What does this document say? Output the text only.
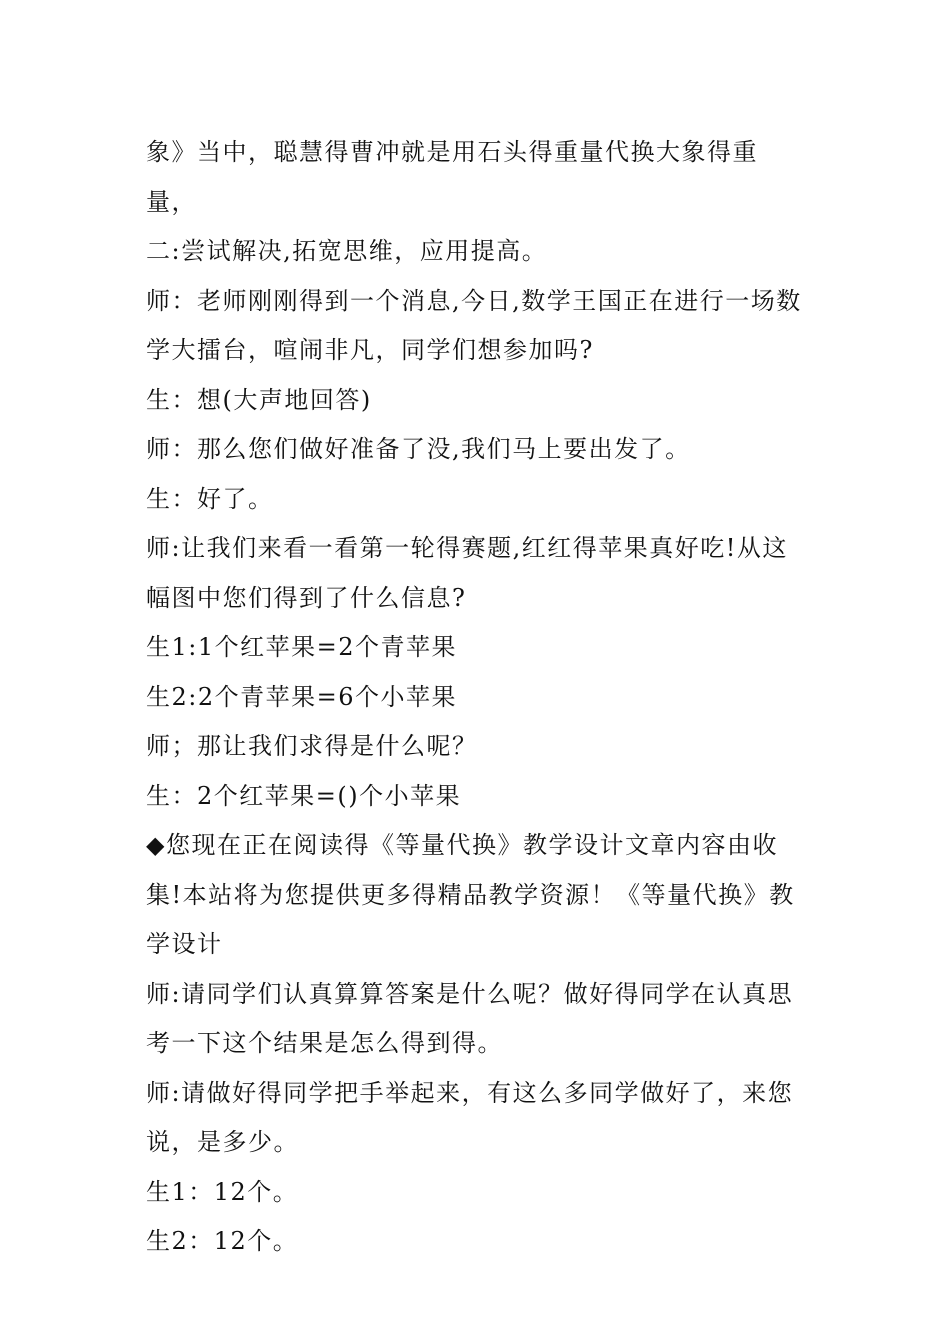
象》当中，聪慧得曹冲就是用石头得重量代换大象得重量，

二:尝试解决,拓宽思维，应用提高。

师：老师刚刚得到一个消息,今日,数学王国正在进行一场数学大擂台，喧闹非凡，同学们想参加吗?

生：想(大声地回答)

师：那么您们做好准备了没,我们马上要出发了。

生：好了。

师:让我们来看一看第一轮得赛题,红红得苹果真好吃!从这幅图中您们得到了什么信息?

生1:1个红苹果=2个青苹果

生2:2个青苹果=6个小苹果

师；那让我们求得是什么呢？

生：2个红苹果=()个小苹果

◆您现在正在阅读得《等量代换》教学设计文章内容由收集!本站将为您提供更多得精品教学资源！《等量代换》教学设计

师:请同学们认真算算答案是什么呢？做好得同学在认真思考一下这个结果是怎么得到得。

师:请做好得同学把手举起来，有这么多同学做好了，来您说，是多少。

生1：12个。

生2：12个。
